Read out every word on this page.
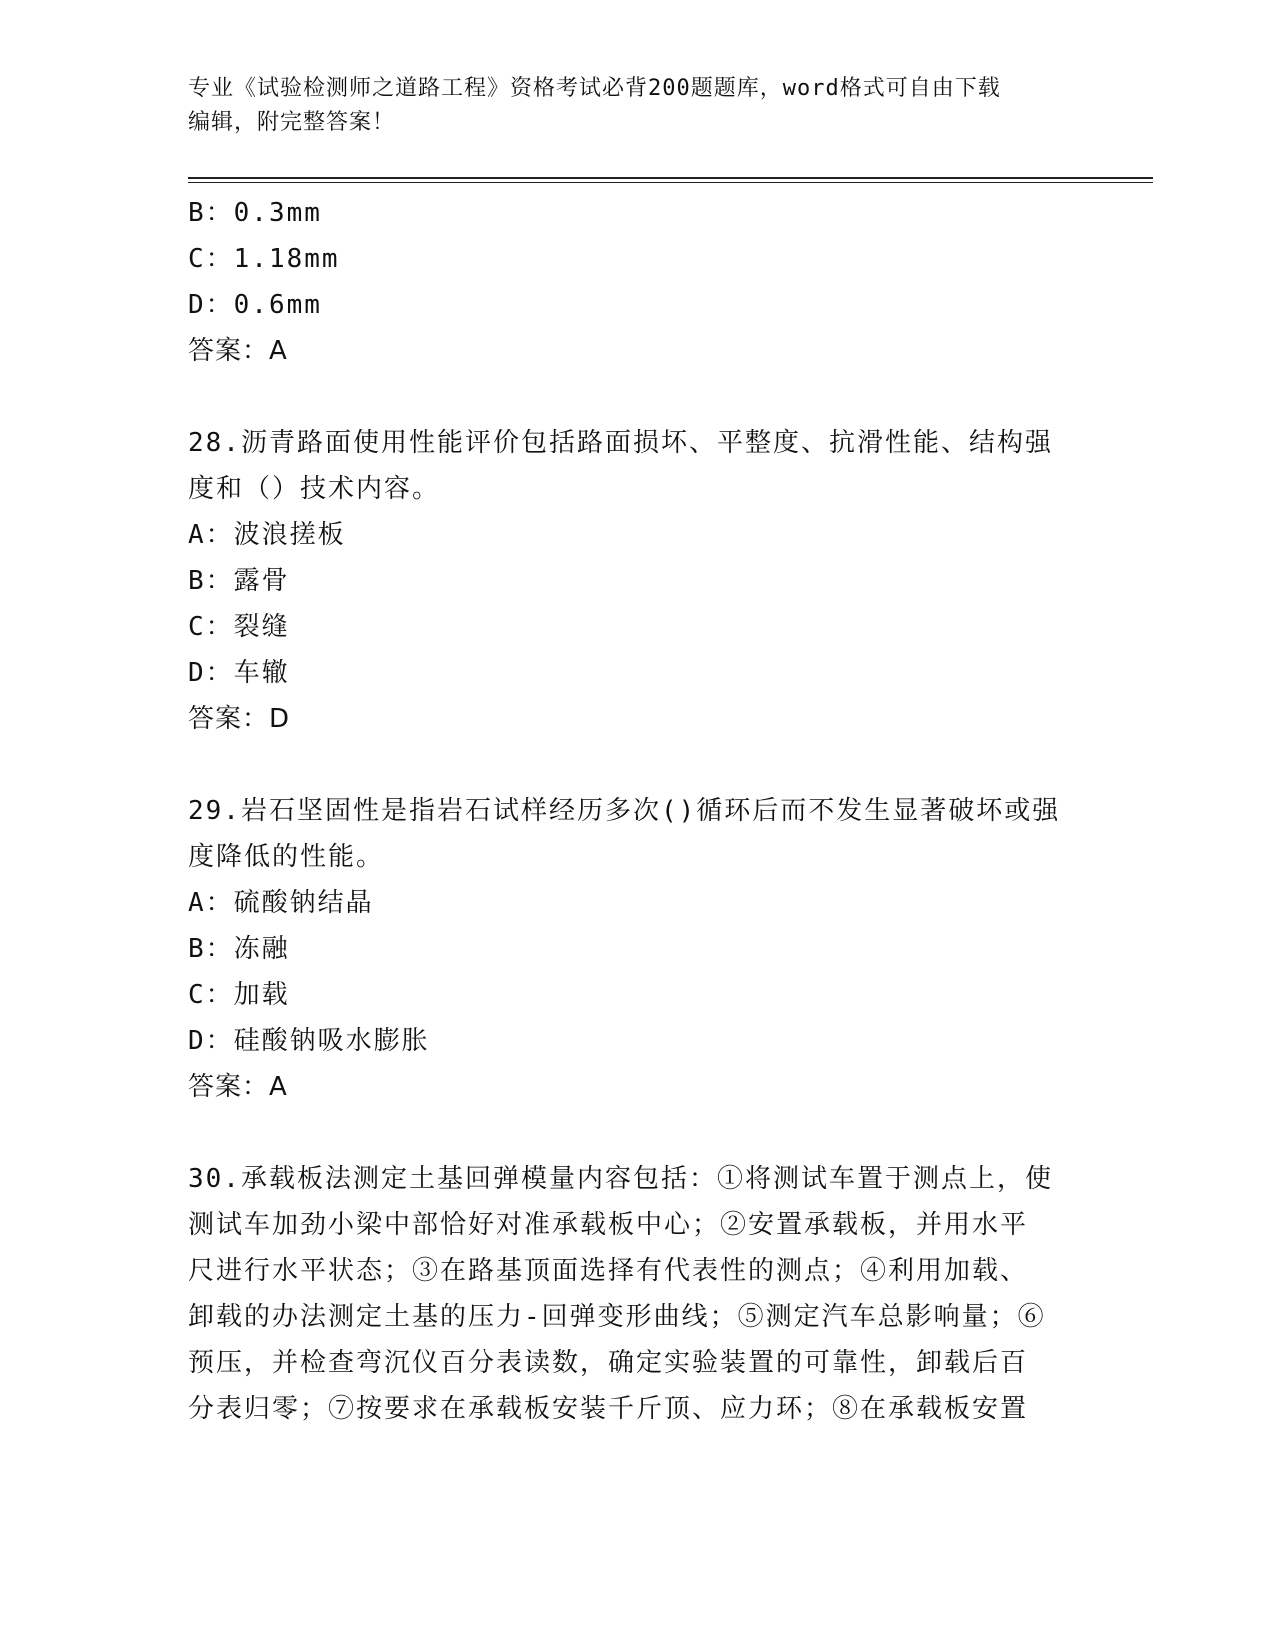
专业《试验检测师之道路工程》资格考试必背200题题库，word格式可自由下载
编辑，附完整答案！
B：0.3mm
C：1.18mm
D：0.6mm
答案：A
28.沥青路面使用性能评价包括路面损坏、平整度、抗滑性能、结构强
度和（）技术内容。
A：波浪搓板
B：露骨
C：裂缝
D：车辙
答案：D
29.岩石坚固性是指岩石试样经历多次()循环后而不发生显著破坏或强
度降低的性能。
A：硫酸钠结晶
B：冻融
C：加载
D：硅酸钠吸水膨胀
答案：A
30.承载板法测定土基回弹模量内容包括：①将测试车置于测点上，使
测试车加劲小梁中部恰好对准承载板中心；②安置承载板，并用水平
尺进行水平状态；③在路基顶面选择有代表性的测点；④利用加载、
卸载的办法测定土基的压力-回弹变形曲线；⑤测定汽车总影响量；⑥
预压，并检查弯沉仪百分表读数，确定实验装置的可靠性，卸载后百
分表归零；⑦按要求在承载板安装千斤顶、应力环；⑧在承载板安置
